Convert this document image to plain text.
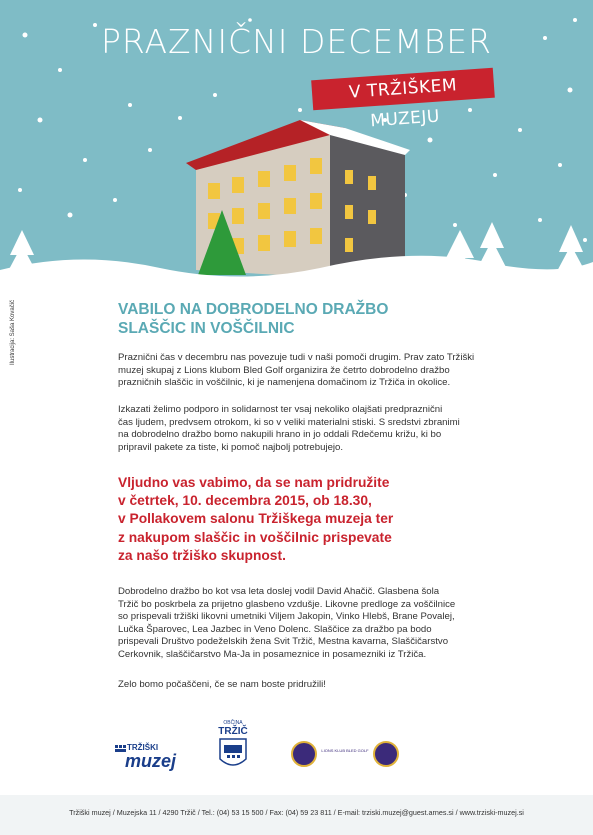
PRAZNIČNI DECEMBER
V TRŽIŠKEM MUZEJU
Ilustracija: Saša Kovačič	VABILO NA DOBRODELNO DRAŽBO
SLAŠČIC IN VOŠČILNIC
Praznični čas v decembru nas povezuje tudi v naši pomoči drugim. Prav zato Tržiški
muzej skupaj z Lions klubom Bled Golf organizira že četrto dobrodelno dražbo
prazničnih slaščic in voščilnic, ki je namenjena domačinom iz Tržiča in okolice.
Izkazati želimo podporo in solidarnost ter vsaj nekoliko olajšati predpraznični
čas ljudem, predvsem otrokom, ki so v veliki materialni stiski. S sredstvi zbranimi
na dobrodelno dražbo bomo nakupili hrano in jo oddali Rdečemu križu, ki bo
pripravil pakete za tiste, ki pomoč najbolj potrebujejo.
Vljudno vas vabimo, da se nam pridružite
v četrtek, 10. decembra 2015, ob 18.30,
v Pollakovem salonu Tržiškega muzeja ter
z nakupom slaščic in voščilnic prispevate
za našo tržiško skupnost.
Dobrodelno dražbo bo kot vsa leta doslej vodil David Ahačič. Glasbena šola
Tržič bo poskrbela za prijetno glasbeno vzdušje. Likovne predloge za voščilnice
so prispevali tržiški likovni umetniki Viljem Jakopin, Vinko Hlebš, Brane Povalej,
Lučka Šparovec, Lea Jazbec in Veno Dolenc. Slaščice za dražbo pa bodo
prispevali Društvo podeželskih žena Svit Tržič, Mestna kavarna, Slaščičarstvo
Cerkovnik, slaščičarstvo Ma-Ja in posameznice in posamezniki iz Tržiča.
Zelo bomo počaščeni, če se nam boste pridružili!
TRŽIŠKI
muzej
OBČINA
TRŽIČ
LIONS KLUB BLED GOLF
Tržiški muzej / Muzejska 11 / 4290 Tržič / Tel.: (04) 53 15 500 / Fax: (04) 59 23 811 / E-mail: trziski.muzej@guest.arnes.si / www.trziski-muzej.si
